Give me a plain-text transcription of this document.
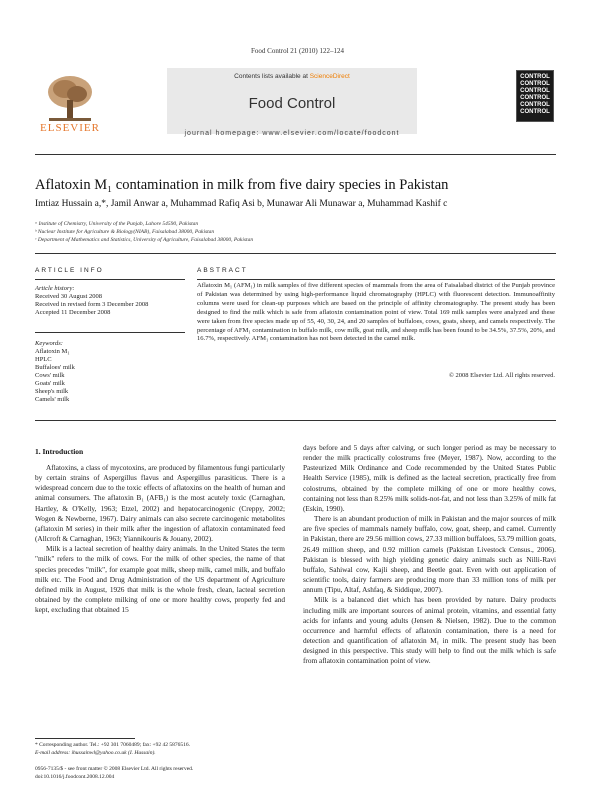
Food Control 21 (2010) 122–124
ELSEVIER
Contents lists available at ScienceDirect
Food Control
journal homepage: www.elsevier.com/locate/foodcont
CONTROL
CONTROL
CONTROL
CONTROL
CONTROL
CONTROL
Aflatoxin M₁ contamination in milk from five dairy species in Pakistan
Imtiaz Hussain a,*, Jamil Anwar a, Muhammad Rafiq Asi b, Munawar Ali Munawar a, Muhammad Kashif c
ᵃ Institute of Chemistry, University of the Punjab, Lahore 54590, Pakistan
ᵇ Nuclear Institute for Agriculture & Biology(NIAB), Faisalabad 38000, Pakistan
ᶜ Department of Mathematics and Statistics, University of Agriculture, Faisalabad 38000, Pakistan
ARTICLE INFO	ABSTRACT
Article history:
Received 30 August 2008
Received in revised form 3 December 2008
Accepted 11 December 2008
Keywords:
Aflatoxin M₁
HPLC
Buffaloes' milk
Cows' milk
Goats' milk
Sheep's milk
Camels' milk
Aflatoxin M₁ (AFM₁) in milk samples of five different species of mammals from the area of Faisalabad district of the Punjab province of Pakistan was determined by using high-performance liquid chromatography (HPLC) with fluorescent detection. Immunoaffinity columns were used for clean-up purposes which are based on the principle of affinity chromatography. The present study has been designed to find the milk which is safe from aflatoxin contamination point of view. Total 169 milk samples were analyzed and these were taken from five species made up of 55, 40, 30, 24, and 20 samples of buffaloes, cows, goats, sheep, and camels respectively. The percentage of AFM₁ contamination in buffalo milk, cow milk, goat milk, and sheep milk has been found to be 34.5%, 37.5%, 20%, and 16.7%, respectively. AFM₁ contamination has not been detected in the camel milk.
© 2008 Elsevier Ltd. All rights reserved.
1. Introduction

Aflatoxins, a class of mycotoxins, are produced by filamentous fungi particularly by certain strains of Aspergillus flavus and Aspergillus parasiticus. There is a widespread concern due to the toxic effects of aflatoxins on the health of human and animal consumers. The aflatoxin B₁ (AFB₁) is the most acutely toxic (Carnaghan, Hartley, & O'Kelly, 1963; Etzel, 2002) and hepatocarcinogenic (Creppy, 2002; Wogen & Newberne, 1967). Dairy animals can also secrete carcinogenic metabolites (aflatoxin M series) in their milk after the ingestion of aflatoxin contaminated feed (Allcroft & Carnaghan, 1963; Yiannikouris & Jouany, 2002).

Milk is a lacteal secretion of healthy dairy animals. In the United States the term "milk" refers to the milk of cows. For the milk of other species, the name of that species precedes "milk", for example goat milk, sheep milk, camel milk, and buffalo milk etc. The Food and Drug Administration of the US department of Agriculture defined milk in August, 1926 that milk is the whole fresh, clean, lacteal secretion obtained by the complete milking of one or more healthy cows, properly fed and kept, excluding that obtained 15

days before and 5 days after calving, or such longer period as may be necessary to render the milk practically colostrums free (Meyer, 1987). Now, according to the Pasteurized Milk Ordinance and Code recommended by the United States Public Health Service (1985), milk is defined as the lacteal secretion, practically free from colostrums, obtained by the complete milking of one or more healthy cows, containing not less than 8.25% milk solids-not-fat, and not less than 3.25% of milk fat (Eskin, 1990).

There is an abundant production of milk in Pakistan and the major sources of milk are five species of mammals namely buffalo, cow, goat, sheep, and camel. Currently in Pakistan, there are 29.56 million cows, 27.33 million buffaloes, 53.79 million goats, 26.49 million sheep, and 0.92 million camels (Pakistan Livestock Census., 2006). Pakistan is blessed with high yielding genetic dairy animals such as Nilli-Ravi buffalo, Sahiwal cow, Kajli sheep, and Beetle goat. Even with out application of scientific tools, dairy farmers are producing more than 33 million tons of milk per annum (Tipu, Altaf, Ashfaq, & Siddique, 2007).

Milk is a balanced diet which has been provided by nature. Dairy products including milk are important sources of animal protein, vitamins, and essential fatty acids for infants and young adults (Jensen & Nielsen, 1982). Due to the common occurrence and harmful effects of aflatoxin contamination, there is a need for detection and quantification of aflatoxin M₁ in milk. The present study has been designed in this perspective. This study will help to find out the milk which is safe from aflatoxin contamination point of view.

* Corresponding author. Tel.: +92 301 7060489; fax: +92 42 5876516.
E-mail address: ihussainwl@yahoo.co.uk (I. Hussain).
0956-7135/$ - see front matter © 2008 Elsevier Ltd. All rights reserved.
doi:10.1016/j.foodcont.2008.12.004
